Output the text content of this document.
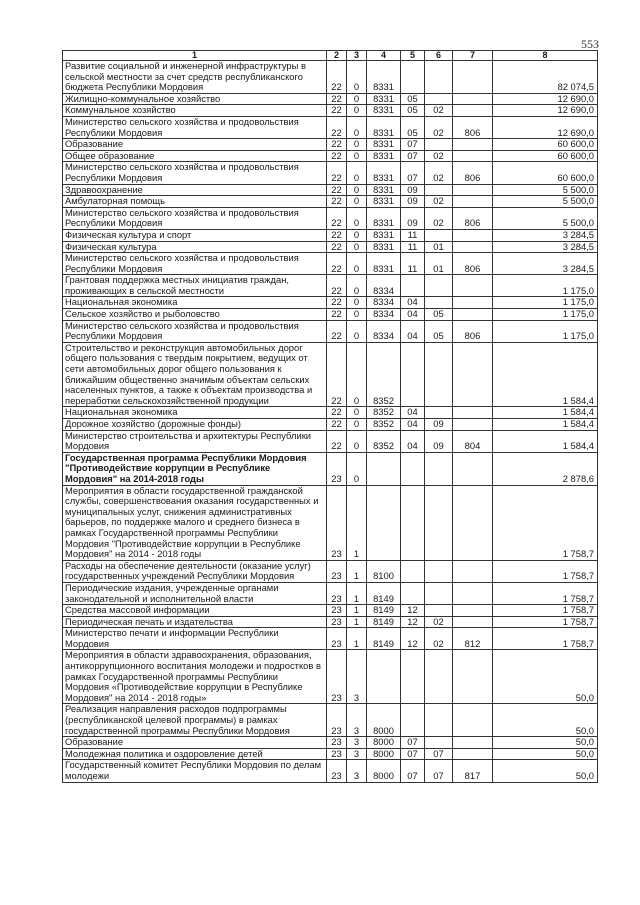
553
1	2	3	4	5	6	7	8
Развитие социальной и инженерной инфраструктуры в сельской местности за счет средств республиканского бюджета Республики Мордовия	22	0	8331				82 074,5
Жилищно-коммунальное хозяйство	22	0	8331	05			12 690,0
Коммунальное хозяйство	22	0	8331	05	02		12 690,0
Министерство сельского хозяйства и продовольствия Республики Мордовия	22	0	8331	05	02	806	12 690,0
Образование	22	0	8331	07			60 600,0
Общее образование	22	0	8331	07	02		60 600,0
Министерство сельского хозяйства и продовольствия Республики Мордовия	22	0	8331	07	02	806	60 600,0
Здравоохранение	22	0	8331	09			5 500,0
Амбулаторная помощь	22	0	8331	09	02		5 500,0
Министерство сельского хозяйства и продовольствия Республики Мордовия	22	0	8331	09	02	806	5 500,0
Физическая культура и спорт	22	0	8331	11			3 284,5
Физическая культура	22	0	8331	11	01		3 284,5
Министерство сельского хозяйства и продовольствия Республики Мордовия	22	0	8331	11	01	806	3 284,5
Грантовая поддержка местных инициатив граждан, проживающих в сельской местности	22	0	8334				1 175,0
Национальная экономика	22	0	8334	04			1 175,0
Сельское хозяйство и рыболовство	22	0	8334	04	05		1 175,0
Министерство сельского хозяйства и продовольствия Республики Мордовия	22	0	8334	04	05	806	1 175,0
Строительство и реконструкция автомобильных дорог общего пользования с твердым покрытием, ведущих от сети автомобильных дорог общего пользования к ближайшим общественно значимым объектам сельских населенных пунктов, а также к объектам производства и переработки сельскохозяйственной продукции	22	0	8352				1 584,4
Национальная экономика	22	0	8352	04			1 584,4
Дорожное хозяйство (дорожные фонды)	22	0	8352	04	09		1 584,4
Министерство строительства и архитектуры Республики Мордовия	22	0	8352	04	09	804	1 584,4
Государственная программа Республики Мордовия "Противодействие коррупции в Республике Мордовия" на 2014-2018 годы	23	0					2 878,6
Мероприятия в области государственной гражданской службы, совершенствования оказания государственных и муниципальных услуг, снижения административных барьеров, по поддержке малого и среднего бизнеса в рамках Государственной программы Республики Мордовия "Противодействие коррупции в Республике Мордовия" на 2014 - 2018 годы	23	1					1 758,7
Расходы на обеспечение деятельности (оказание услуг) государственных учреждений Республики Мордовия	23	1	8100				1 758,7
Периодические издания, учрежденные органами законодательной и исполнительной власти	23	1	8149				1 758,7
Средства массовой информации	23	1	8149	12			1 758,7
Периодическая печать и издательства	23	1	8149	12	02		1 758,7
Министерство печати и информации Республики Мордовия	23	1	8149	12	02	812	1 758,7
Мероприятия в области здравоохранения, образования, антикоррупционного воспитания молодежи и подростков в рамках Государственной программы Республики Мордовия «Противодействие коррупции в Республике Мордовия" на 2014 - 2018 годы»	23	3					50,0
Реализация направления расходов подпрограммы (республиканской целевой программы) в рамках государственной программы Республики Мордовия	23	3	8000				50,0
Образование	23	3	8000	07			50,0
Молодежная политика и оздоровление детей	23	3	8000	07	07		50,0
Государственный комитет Республики Мордовия по делам молодежи	23	3	8000	07	07	817	50,0
